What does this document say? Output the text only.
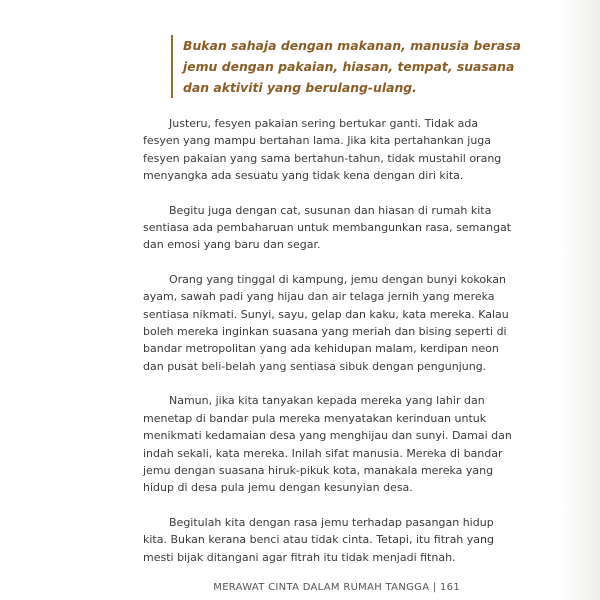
Bukan sahaja dengan makanan, manusia berasa
jemu dengan pakaian, hiasan, tempat, suasana
dan aktiviti yang berulang-ulang.

Justeru, fesyen pakaian sering bertukar ganti. Tidak ada
fesyen yang mampu bertahan lama. Jika kita pertahankan juga
fesyen pakaian yang sama bertahun-tahun, tidak mustahil orang
menyangka ada sesuatu yang tidak kena dengan diri kita.

Begitu juga dengan cat, susunan dan hiasan di rumah kita
sentiasa ada pembaharuan untuk membangunkan rasa, semangat
dan emosi yang baru dan segar.

Orang yang tinggal di kampung, jemu dengan bunyi kokokan
ayam, sawah padi yang hijau dan air telaga jernih yang mereka
sentiasa nikmati. Sunyi, sayu, gelap dan kaku, kata mereka. Kalau
boleh mereka inginkan suasana yang meriah dan bising seperti di
bandar metropolitan yang ada kehidupan malam, kerdipan neon
dan pusat beli-belah yang sentiasa sibuk dengan pengunjung.

Namun, jika kita tanyakan kepada mereka yang lahir dan
menetap di bandar pula mereka menyatakan kerinduan untuk
menikmati kedamaian desa yang menghijau dan sunyi. Damai dan
indah sekali, kata mereka. Inilah sifat manusia. Mereka di bandar
jemu dengan suasana hiruk-pikuk kota, manakala mereka yang
hidup di desa pula jemu dengan kesunyian desa.

Begitulah kita dengan rasa jemu terhadap pasangan hidup
kita. Bukan kerana benci atau tidak cinta. Tetapi, itu fitrah yang
mesti bijak ditangani agar fitrah itu tidak menjadi fitnah.

MERAWAT CINTA DALAM RUMAH TANGGA | 161
